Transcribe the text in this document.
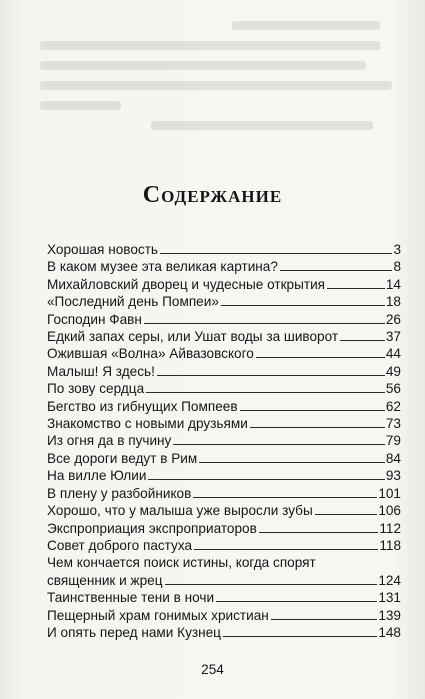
Содержание
Хорошая новость	3
В каком музее эта великая картина?	8
Михайловский дворец и чудесные открытия	14
«Последний день Помпеи»	18
Господин Фавн	26
Едкий запах серы, или Ушат воды за шиворот	37
Ожившая «Волна» Айвазовского	44
Малыш! Я здесь!	49
По зову сердца	56
Бегство из гибнущих Помпеев	62
Знакомство с новыми друзьями	73
Из огня да в пучину	79
Все дороги ведут в Рим	84
На вилле Юлии	93
В плену у разбойников	101
Хорошо, что у малыша уже выросли зубы	106
Экспроприация экспроприаторов	112
Совет доброго пастуха	118
Чем кончается поиск истины, когда спорят
священник и жрец	124
Таинственные тени в ночи	131
Пещерный храм гонимых христиан	139
И опять перед нами Кузнец	148
254
